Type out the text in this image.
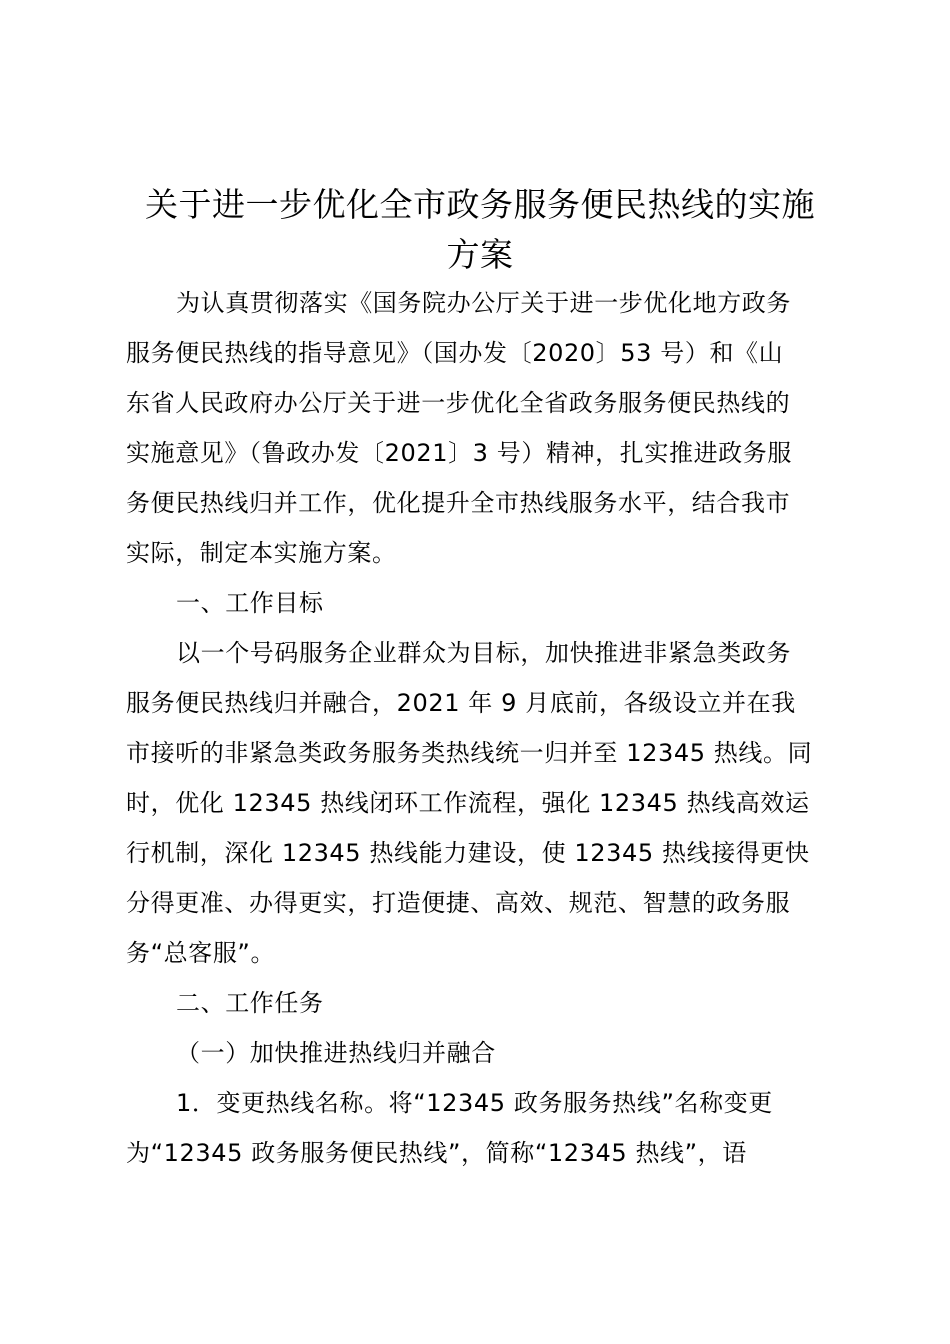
关于进一步优化全市政务服务便民热线的实施
方案
为认真贯彻落实《国务院办公厅关于进一步优化地方政务
服务便民热线的指导意见》（国办发〔2020〕53 号）和《山
东省人民政府办公厅关于进一步优化全省政务服务便民热线的
实施意见》（鲁政办发〔2021〕3 号）精神，扎实推进政务服
务便民热线归并工作，优化提升全市热线服务水平，结合我市
实际，制定本实施方案。
一、工作目标
以一个号码服务企业群众为目标，加快推进非紧急类政务
服务便民热线归并融合，2021 年 9 月底前，各级设立并在我
市接听的非紧急类政务服务类热线统一归并至 12345 热线。同
时，优化 12345 热线闭环工作流程，强化 12345 热线高效运
行机制，深化 12345 热线能力建设，使 12345 热线接得更快
分得更准、办得更实，打造便捷、高效、规范、智慧的政务服
务“总客服”。
二、工作任务
（一）加快推进热线归并融合
1．变更热线名称。将“12345 政务服务热线”名称变更
为“12345 政务服务便民热线”，简称“12345 热线”，语
